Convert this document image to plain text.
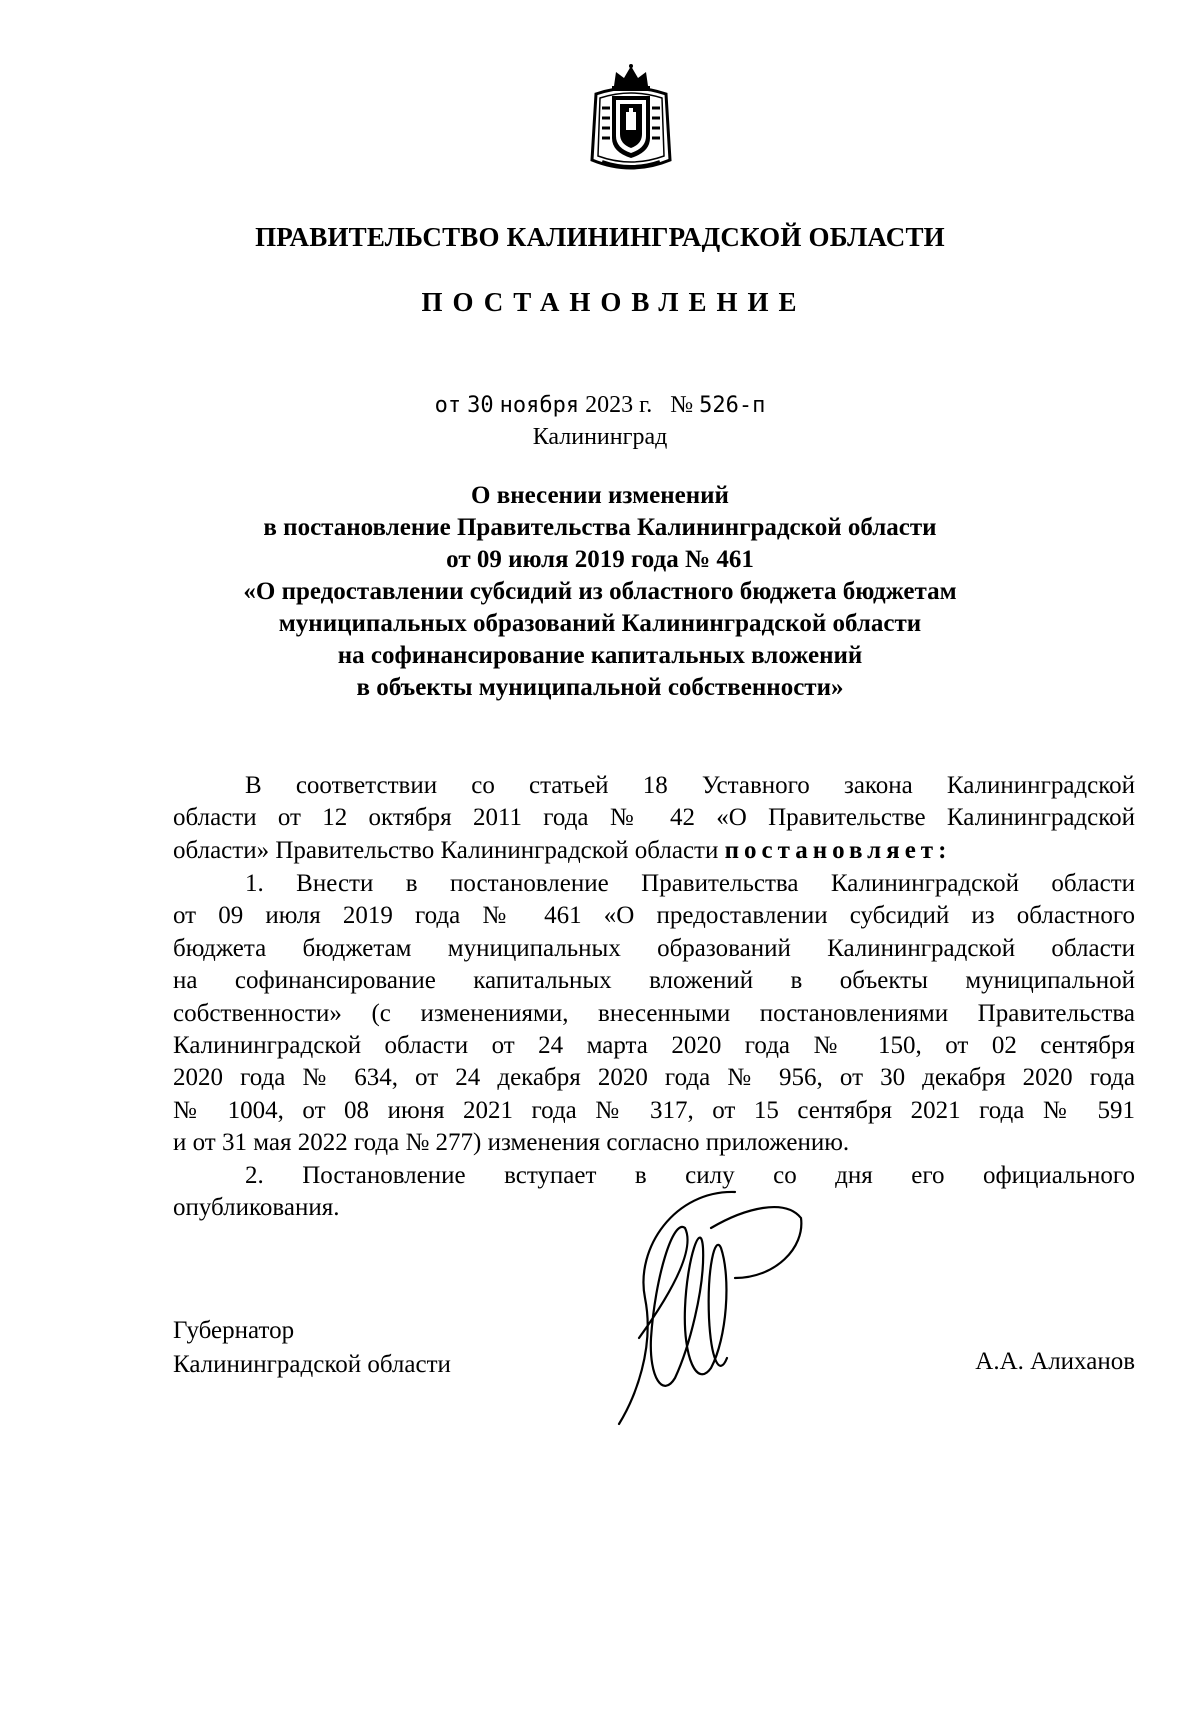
ПРАВИТЕЛЬСТВО КАЛИНИНГРАДСКОЙ ОБЛАСТИ
ПОСТАНОВЛЕНИЕ
от 30 ноября 2023 г. № 526-п
Калининград
О внесении изменений
в постановление Правительства Калининградской области
от 09 июля 2019 года № 461
«О предоставлении субсидий из областного бюджета бюджетам
муниципальных образований Калининградской области
на софинансирование капитальных вложений
в объекты муниципальной собственности»
В соответствии со статьей 18 Уставного закона Калининградской
области от 12 октября 2011 года № 42 «О Правительстве Калининградской
области» Правительство Калининградской области постановляет:
1. Внести в постановление Правительства Калининградской области
от 09 июля 2019 года № 461 «О предоставлении субсидий из областного
бюджета бюджетам муниципальных образований Калининградской области
на софинансирование капитальных вложений в объекты муниципальной
собственности» (с изменениями, внесенными постановлениями Правительства
Калининградской области от 24 марта 2020 года № 150, от 02 сентября
2020 года № 634, от 24 декабря 2020 года № 956, от 30 декабря 2020 года
№ 1004, от 08 июня 2021 года № 317, от 15 сентября 2021 года № 591
и от 31 мая 2022 года № 277) изменения согласно приложению.
2. Постановление вступает в силу со дня его официального
опубликования.
Губернатор
Калининградской области	А.А. Алиханов
